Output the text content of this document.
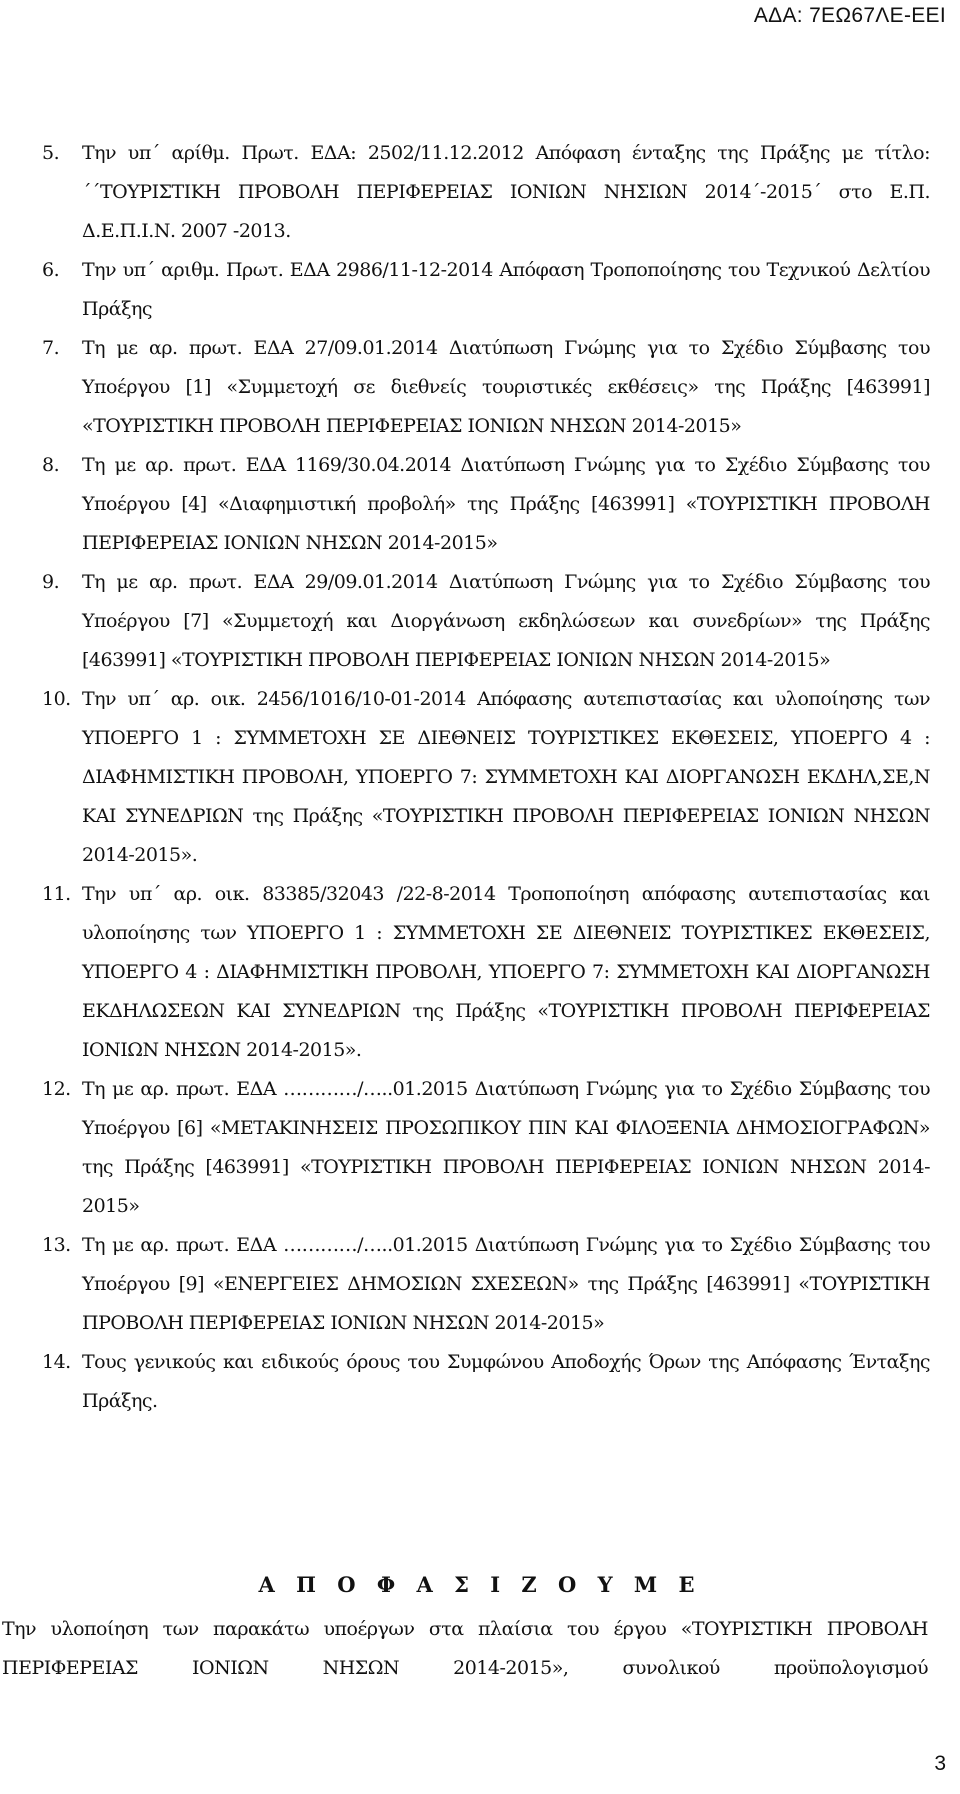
ΑΔΑ: 7ΕΩ67ΛΕ-ΕΕΙ
5. Την υπ΄ αρίθμ. Πρωτ. ΕΔΑ: 2502/11.12.2012 Απόφαση ένταξης της Πράξης με τίτλο: ΄΄ΤΟΥΡΙΣΤΙΚΗ ΠΡΟΒΟΛΗ ΠΕΡΙΦΕΡΕΙΑΣ ΙΟΝΙΩΝ ΝΗΣΙΩΝ 2014΄-2015΄ στο Ε.Π. Δ.Ε.Π.Ι.Ν. 2007 -2013.
6. Την υπ΄ αριθμ. Πρωτ. ΕΔΑ 2986/11-12-2014 Απόφαση Τροποποίησης του Τεχνικού Δελτίου Πράξης
7. Τη με αρ. πρωτ. ΕΔΑ 27/09.01.2014 Διατύπωση Γνώμης για το Σχέδιο Σύμβασης του Υποέργου [1] «Συμμετοχή σε διεθνείς τουριστικές εκθέσεις» της Πράξης [463991] «ΤΟΥΡΙΣΤΙΚΗ ΠΡΟΒΟΛΗ ΠΕΡΙΦΕΡΕΙΑΣ ΙΟΝΙΩΝ ΝΗΣΩΝ 2014-2015»
8. Τη με αρ. πρωτ. ΕΔΑ 1169/30.04.2014 Διατύπωση Γνώμης για το Σχέδιο Σύμβασης του Υποέργου [4] «Διαφημιστική προβολή» της Πράξης [463991] «ΤΟΥΡΙΣΤΙΚΗ ΠΡΟΒΟΛΗ ΠΕΡΙΦΕΡΕΙΑΣ ΙΟΝΙΩΝ ΝΗΣΩΝ 2014-2015»
9. Τη με αρ. πρωτ. ΕΔΑ 29/09.01.2014 Διατύπωση Γνώμης για το Σχέδιο Σύμβασης του Υποέργου [7] «Συμμετοχή και Διοργάνωση εκδηλώσεων και συνεδρίων» της Πράξης [463991] «ΤΟΥΡΙΣΤΙΚΗ ΠΡΟΒΟΛΗ ΠΕΡΙΦΕΡΕΙΑΣ ΙΟΝΙΩΝ ΝΗΣΩΝ 2014-2015»
10. Την υπ΄ αρ. οικ. 2456/1016/10-01-2014 Απόφασης αυτεπιστασίας και υλοποίησης των ΥΠΟΕΡΓΟ 1 : ΣΥΜΜΕΤΟΧΗ ΣΕ ΔΙΕΘΝΕΙΣ ΤΟΥΡΙΣΤΙΚΕΣ ΕΚΘΕΣΕΙΣ, ΥΠΟΕΡΓΟ 4 : ΔΙΑΦΗΜΙΣΤΙΚΗ ΠΡΟΒΟΛΗ, ΥΠΟΕΡΓΟ 7: ΣΥΜΜΕΤΟΧΗ ΚΑΙ ΔΙΟΡΓΑΝΩΣΗ ΕΚΔΗΛ,ΣΕ,Ν ΚΑΙ ΣΥΝΕΔΡΙΩΝ της Πράξης «ΤΟΥΡΙΣΤΙΚΗ ΠΡΟΒΟΛΗ ΠΕΡΙΦΕΡΕΙΑΣ ΙΟΝΙΩΝ ΝΗΣΩΝ 2014-2015».
11. Την υπ΄ αρ. οικ. 83385/32043 /22-8-2014 Τροποποίηση απόφασης αυτεπιστασίας και υλοποίησης των ΥΠΟΕΡΓΟ 1 : ΣΥΜΜΕΤΟΧΗ ΣΕ ΔΙΕΘΝΕΙΣ ΤΟΥΡΙΣΤΙΚΕΣ ΕΚΘΕΣΕΙΣ, ΥΠΟΕΡΓΟ 4 : ΔΙΑΦΗΜΙΣΤΙΚΗ ΠΡΟΒΟΛΗ, ΥΠΟΕΡΓΟ 7: ΣΥΜΜΕΤΟΧΗ ΚΑΙ ΔΙΟΡΓΑΝΩΣΗ ΕΚΔΗΛΩΣΕΩΝ ΚΑΙ ΣΥΝΕΔΡΙΩΝ της Πράξης «ΤΟΥΡΙΣΤΙΚΗ ΠΡΟΒΟΛΗ ΠΕΡΙΦΕΡΕΙΑΣ ΙΟΝΙΩΝ ΝΗΣΩΝ 2014-2015».
12. Τη με αρ. πρωτ. ΕΔΑ …………/…..01.2015 Διατύπωση Γνώμης για το Σχέδιο Σύμβασης του Υποέργου [6] «ΜΕΤΑΚΙΝΗΣΕΙΣ ΠΡΟΣΩΠΙΚΟΥ ΠΙΝ ΚΑΙ ΦΙΛΟΞΕΝΙΑ ΔΗΜΟΣΙΟΓΡΑΦΩΝ» της Πράξης [463991] «ΤΟΥΡΙΣΤΙΚΗ ΠΡΟΒΟΛΗ ΠΕΡΙΦΕΡΕΙΑΣ ΙΟΝΙΩΝ ΝΗΣΩΝ 2014-2015»
13. Τη με αρ. πρωτ. ΕΔΑ …………/…..01.2015 Διατύπωση Γνώμης για το Σχέδιο Σύμβασης του Υποέργου [9] «ΕΝΕΡΓΕΙΕΣ ΔΗΜΟΣΙΩΝ ΣΧΕΣΕΩΝ» της Πράξης [463991] «ΤΟΥΡΙΣΤΙΚΗ ΠΡΟΒΟΛΗ ΠΕΡΙΦΕΡΕΙΑΣ ΙΟΝΙΩΝ ΝΗΣΩΝ 2014-2015»
14. Τους γενικούς και ειδικούς όρους του Συμφώνου Αποδοχής Όρων της Απόφασης Ένταξης Πράξης.
Α Π Ο Φ Α Σ Ι Ζ Ο Υ Μ Ε
Την υλοποίηση των παρακάτω υποέργων στα πλαίσια του έργου «ΤΟΥΡΙΣΤΙΚΗ ΠΡΟΒΟΛΗ ΠΕΡΙΦΕΡΕΙΑΣ ΙΟΝΙΩΝ ΝΗΣΩΝ 2014-2015», συνολικού προϋπολογισμού
3
